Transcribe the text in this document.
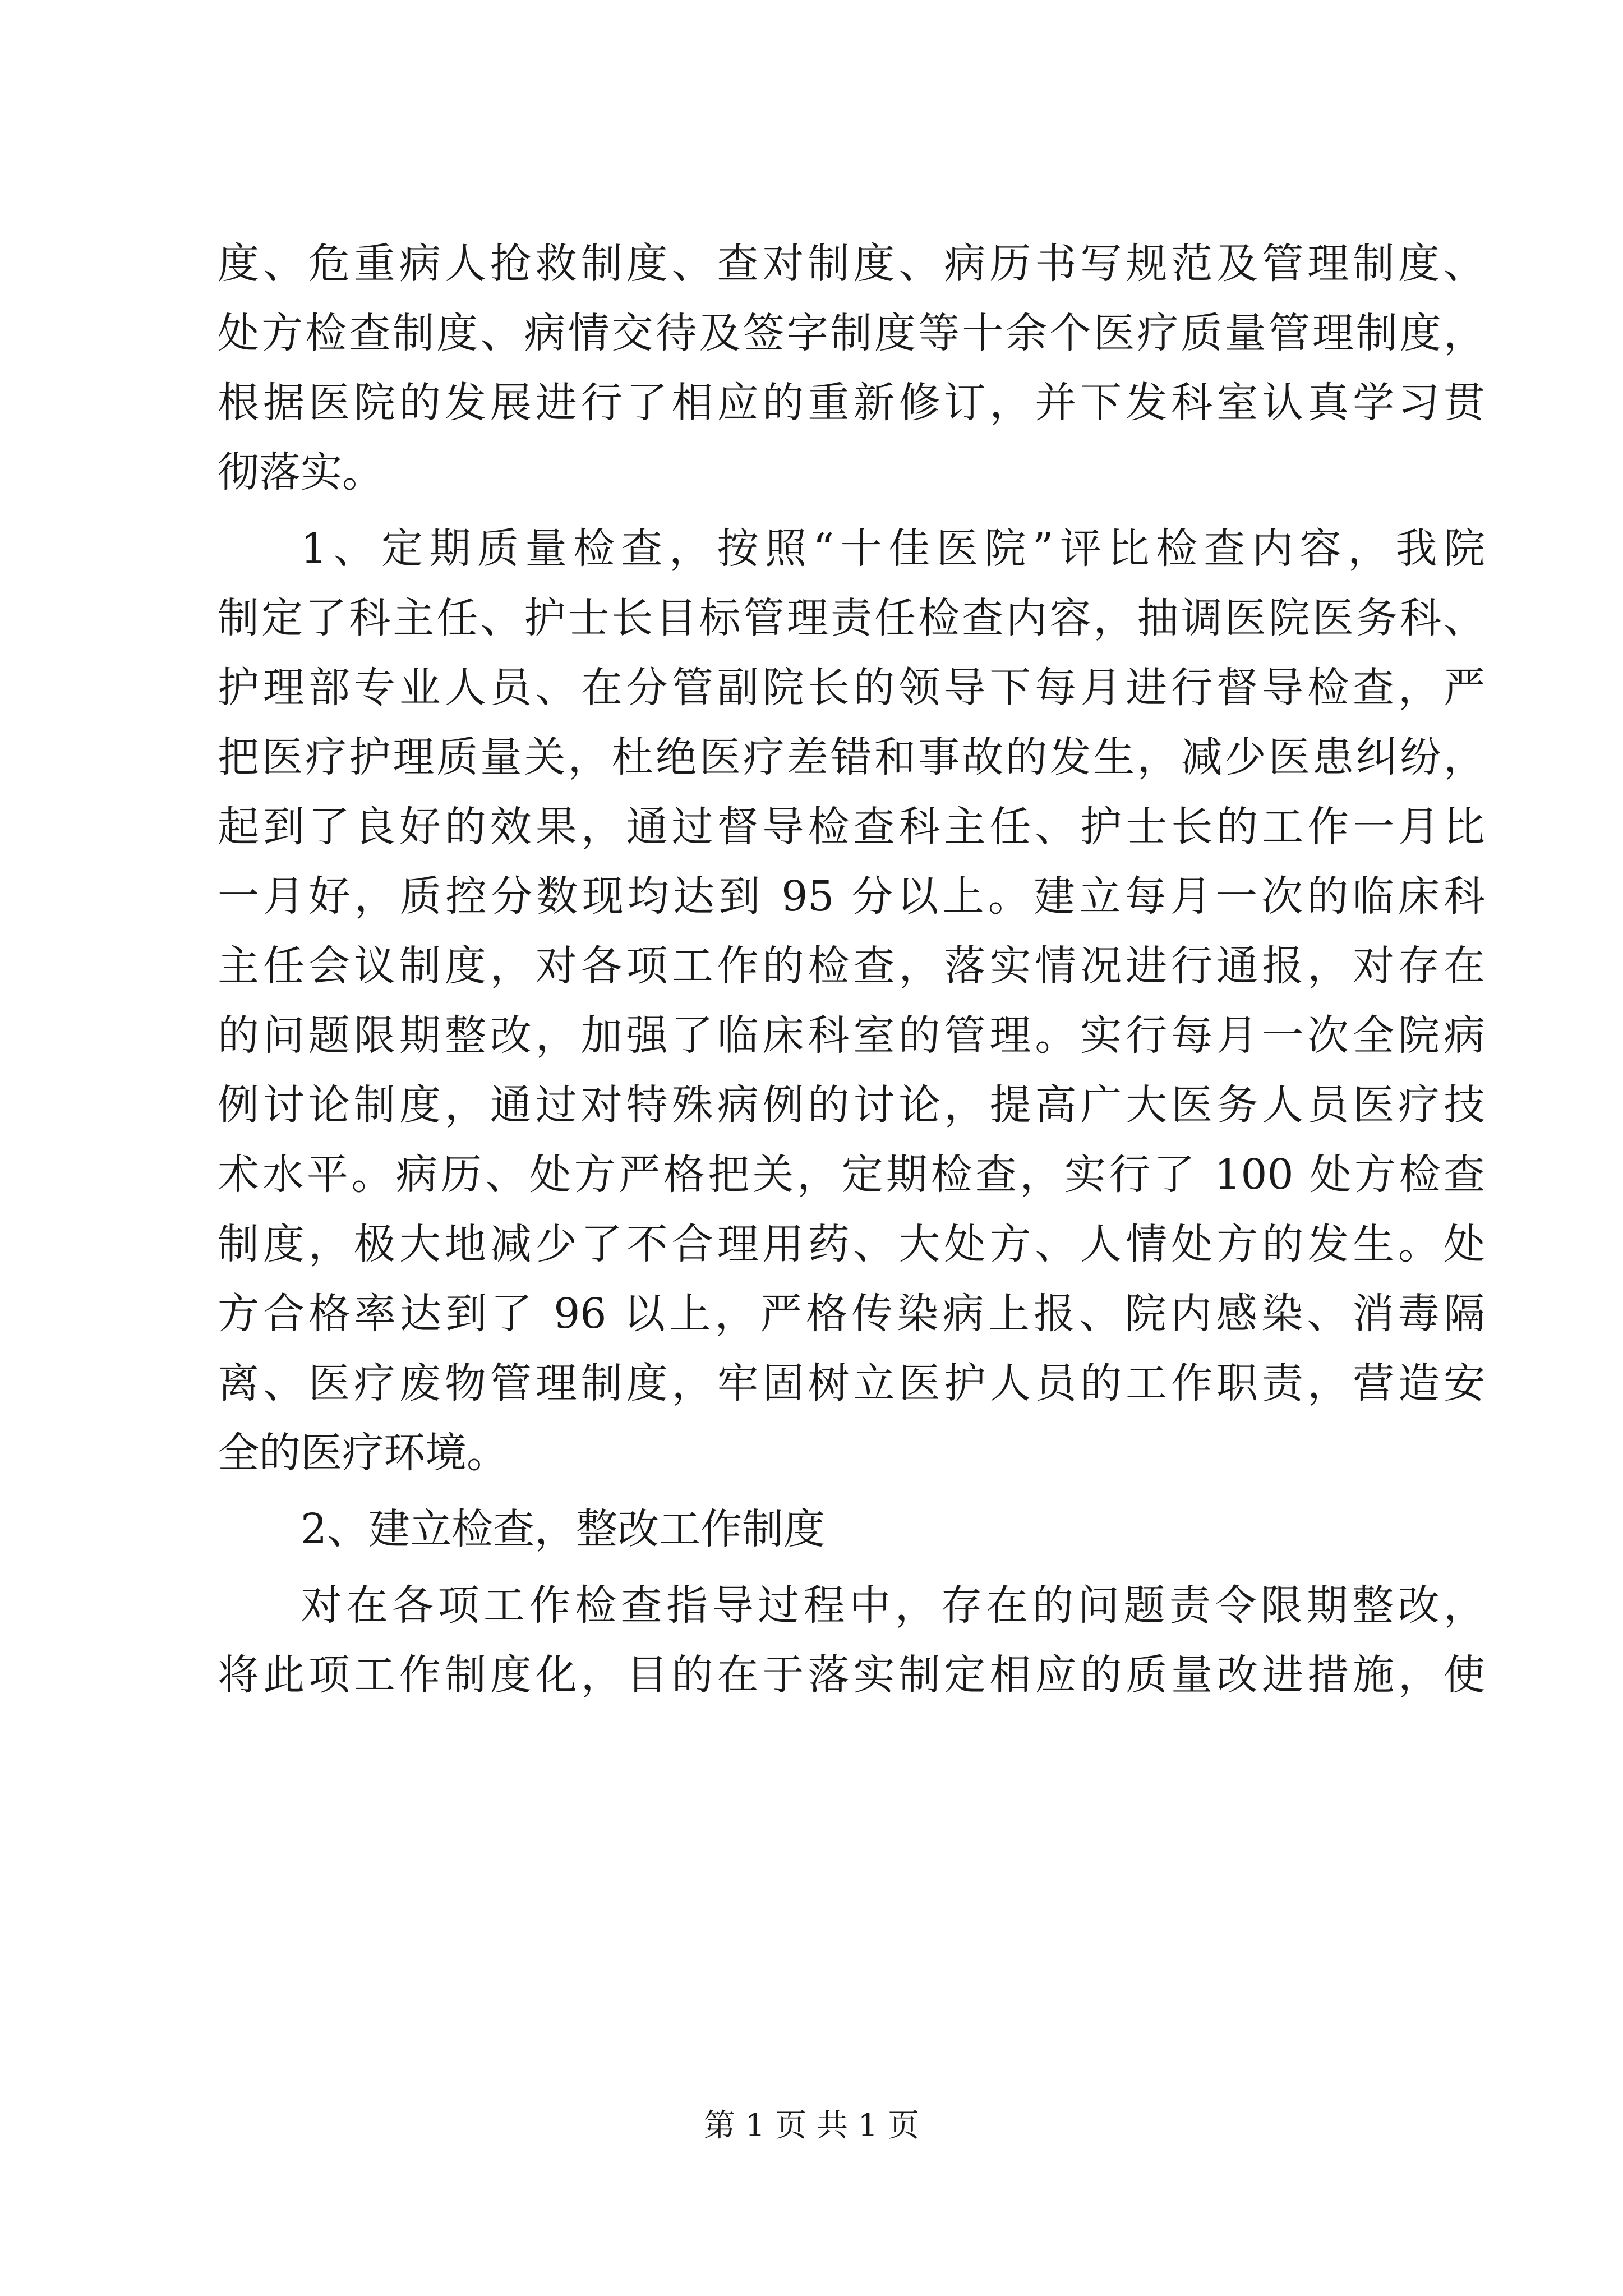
度、危重病人抢救制度、查对制度、病历书写规范及管理制度、
处方检查制度、病情交待及签字制度等十余个医疗质量管理制度，
根据医院的发展进行了相应的重新修订，并下发科室认真学习贯
彻落实。
1、定期质量检查，按照“十佳医院”评比检查内容，我院
制定了科主任、护士长目标管理责任检查内容，抽调医院医务科、
护理部专业人员、在分管副院长的领导下每月进行督导检查，严
把医疗护理质量关，杜绝医疗差错和事故的发生，减少医患纠纷，
起到了良好的效果，通过督导检查科主任、护士长的工作一月比
一月好，质控分数现均达到 95 分以上。建立每月一次的临床科
主任会议制度，对各项工作的检查，落实情况进行通报，对存在
的问题限期整改，加强了临床科室的管理。实行每月一次全院病
例讨论制度，通过对特殊病例的讨论，提高广大医务人员医疗技
术水平。病历、处方严格把关，定期检查，实行了 100 处方检查
制度，极大地减少了不合理用药、大处方、人情处方的发生。处
方合格率达到了 96 以上，严格传染病上报、院内感染、消毒隔
离、医疗废物管理制度，牢固树立医护人员的工作职责，营造安
全的医疗环境。
2、建立检查，整改工作制度
对在各项工作检查指导过程中，存在的问题责令限期整改，
将此项工作制度化，目的在于落实制定相应的质量改进措施，使
第 1 页 共 1 页
